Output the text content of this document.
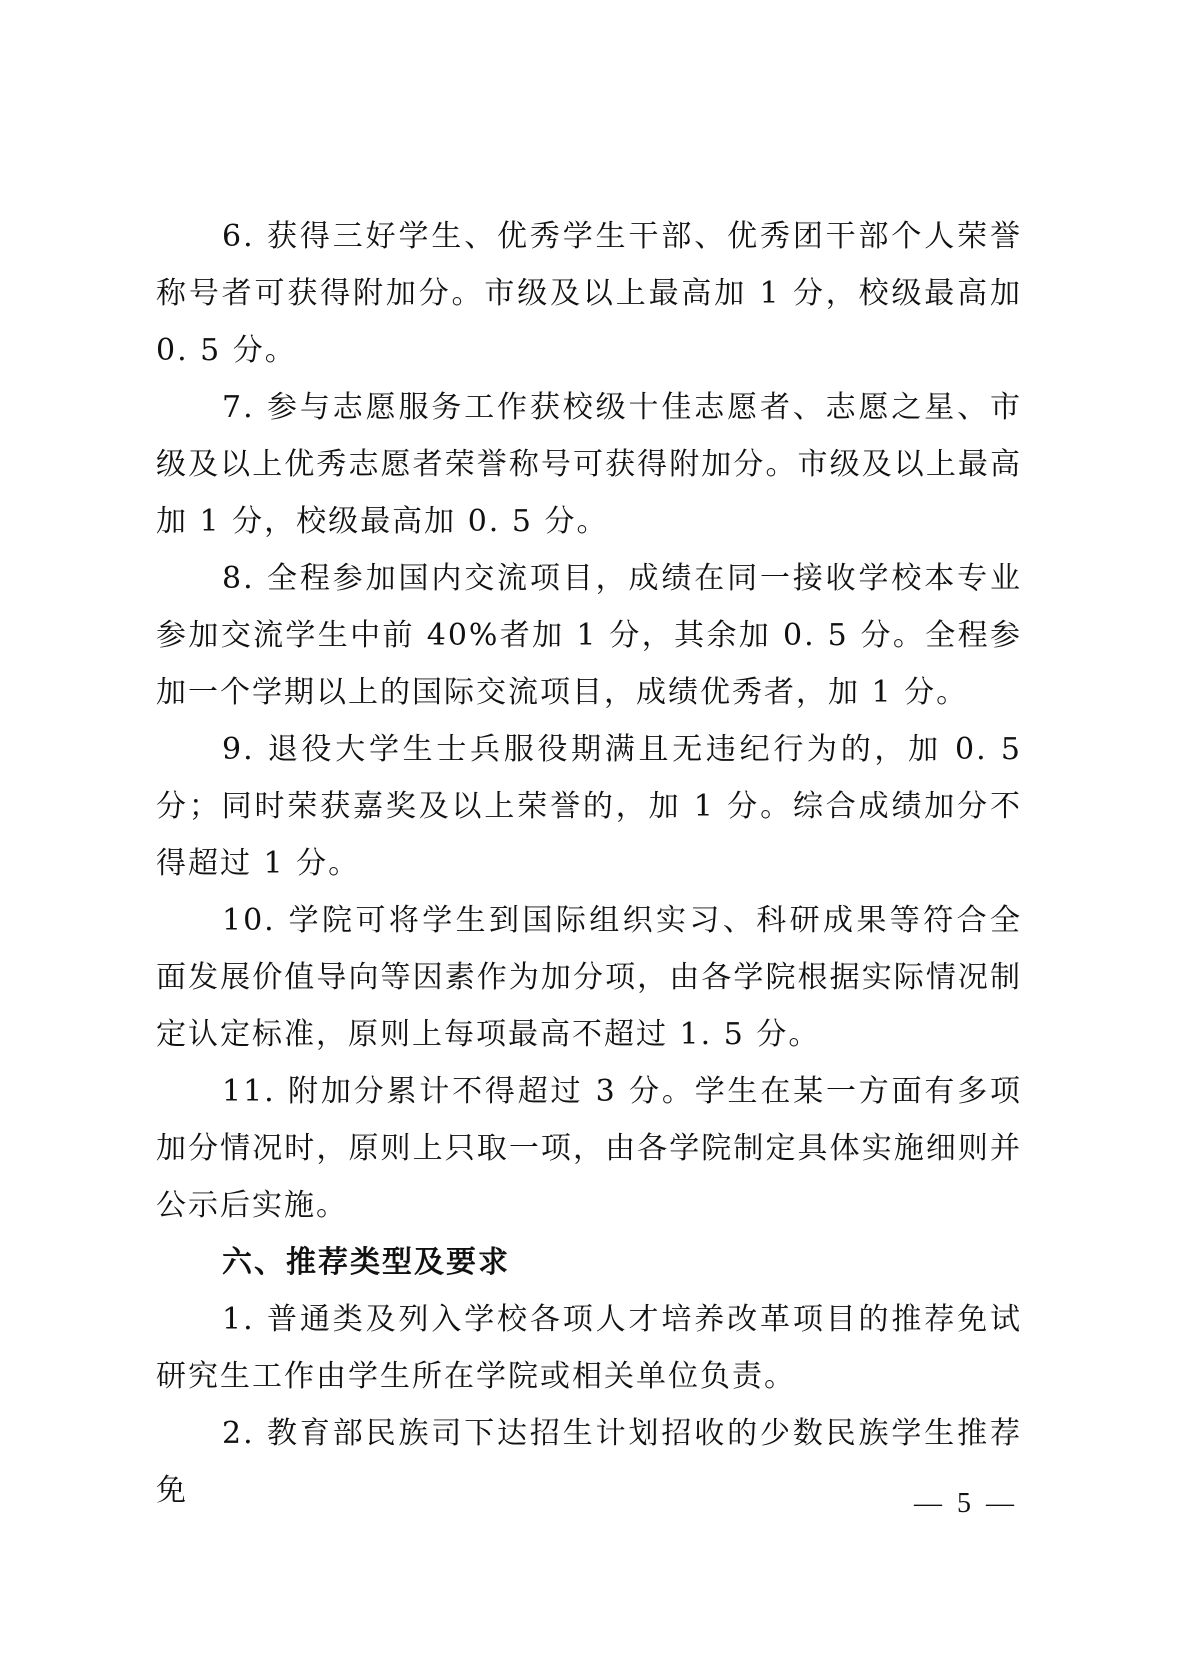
6. 获得三好学生、优秀学生干部、优秀团干部个人荣誉称号者可获得附加分。市级及以上最高加 1 分，校级最高加 0. 5 分。

7. 参与志愿服务工作获校级十佳志愿者、志愿之星、市级及以上优秀志愿者荣誉称号可获得附加分。市级及以上最高加 1 分，校级最高加 0. 5 分。

8. 全程参加国内交流项目，成绩在同一接收学校本专业参加交流学生中前 40%者加 1 分，其余加 0. 5 分。全程参加一个学期以上的国际交流项目，成绩优秀者，加 1 分。

9. 退役大学生士兵服役期满且无违纪行为的，加 0. 5 分；同时荣获嘉奖及以上荣誉的，加 1 分。综合成绩加分不得超过 1 分。

10. 学院可将学生到国际组织实习、科研成果等符合全面发展价值导向等因素作为加分项，由各学院根据实际情况制定认定标准，原则上每项最高不超过 1. 5 分。

11. 附加分累计不得超过 3 分。学生在某一方面有多项加分情况时，原则上只取一项，由各学院制定具体实施细则并公示后实施。

六、推荐类型及要求

1. 普通类及列入学校各项人才培养改革项目的推荐免试研究生工作由学生所在学院或相关单位负责。

2. 教育部民族司下达招生计划招收的少数民族学生推荐免	— 5 —
